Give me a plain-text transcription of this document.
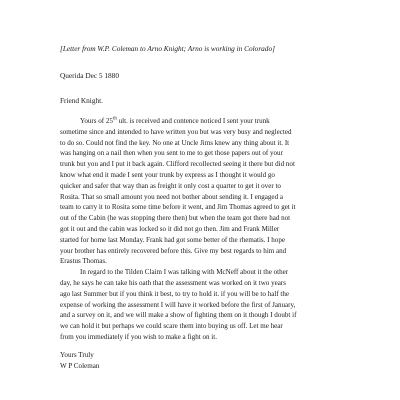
[Letter from W.P. Coleman to Arno Knight; Arno is working in Colorado]
Querida Dec 5 1880
Friend Knight.
Yours of 25th ult. is received and contence noticed I sent your trunk
sometime since and intended to have written you but was very busy and neglected
to do so. Could not find the key. No one at Uncle Jims knew any thing about it. It
was hanging on a nail then when you sent to me to get those papers out of your
trunk but you and I put it back again. Clifford recollected seeing it there but did not
know what end it made I sent your trunk by express as I thought it would go
quicker and safer that way than as freight it only cost a quarter to get it over to
Rosita. That so small amount you need not bother about sending it. I engaged a
team to carry it to Rosita some time before it went, and Jim Thomas agreed to get it
out of the Cabin (he was stopping there then) but when the team got there had not
got it out and the cabin was locked so it did not go then. Jim and Frank Miller
started for home last Monday. Frank had got some better of the rhematis. I hope
your brother has entirely recovered before this. Give my best regards to him and
Erastus Thomas.
In regard to the Tilden Claim I was talking with McNeff about it the other
day, he says he can take his oath that the assessment was worked on it two years
ago last Summer but if you think it best, to try to hold it. if you will be to half the
expense of working the assessment I will have it worked before the first of January,
and a survey on it, and we will make a show of fighting them on it though I doubt if
we can hold it but perhaps we could scare them into buying us off. Let me hear
from you immediately if you wish to make a fight on it.
Yours Truly
W P Coleman
